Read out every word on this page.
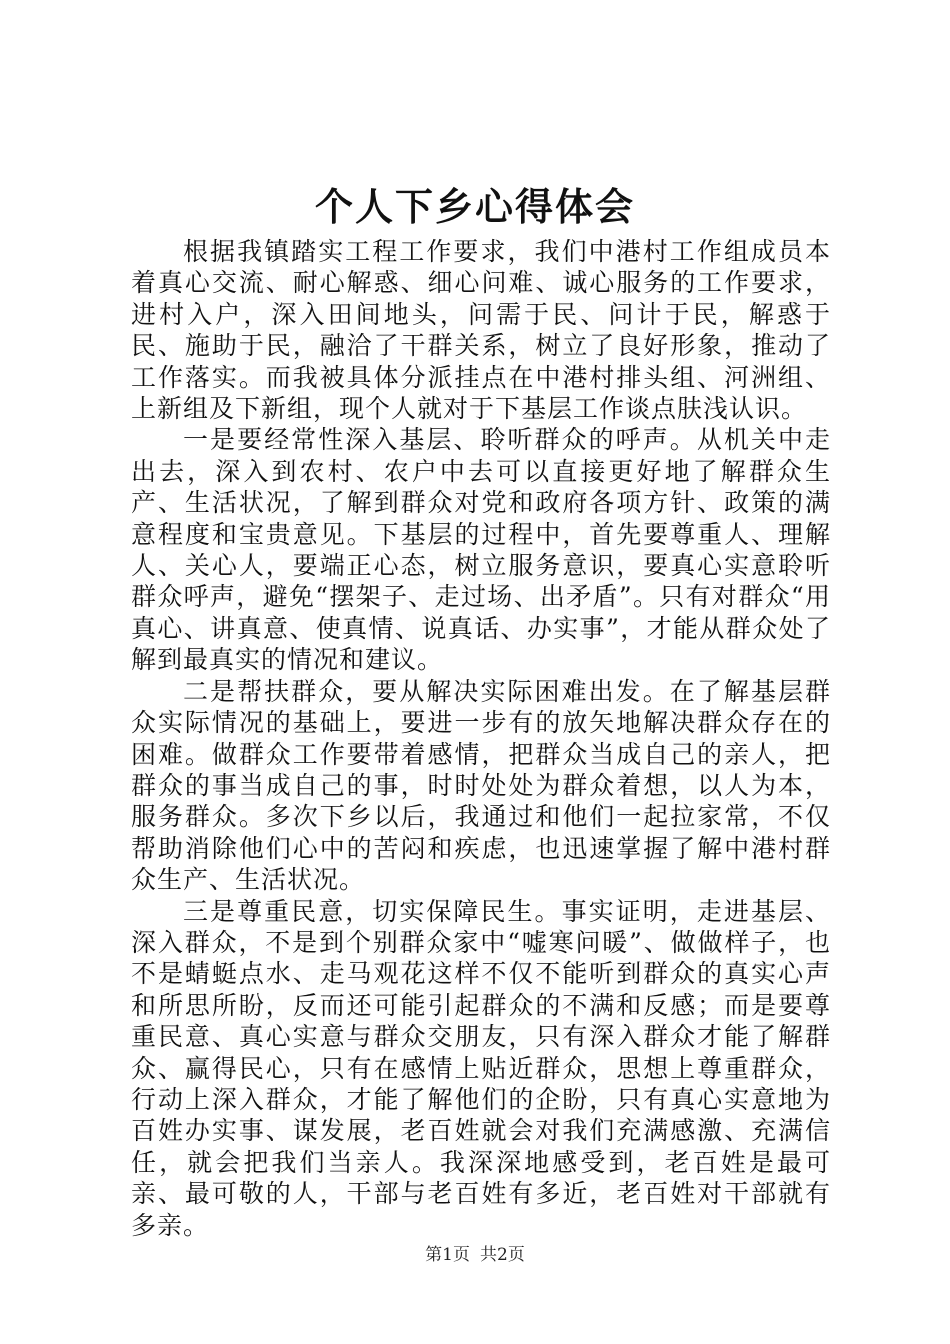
个人下乡心得体会

根据我镇踏实工程工作要求，我们中港村工作组成员本着真心交流、耐心解惑、细心问难、诚心服务的工作要求，进村入户，深入田间地头，问需于民、问计于民，解惑于民、施助于民，融洽了干群关系，树立了良好形象，推动了工作落实。而我被具体分派挂点在中港村排头组、河洲组、上新组及下新组，现个人就对于下基层工作谈点肤浅认识。

一是要经常性深入基层、聆听群众的呼声。从机关中走出去，深入到农村、农户中去可以直接更好地了解群众生产、生活状况，了解到群众对党和政府各项方针、政策的满意程度和宝贵意见。下基层的过程中，首先要尊重人、理解人、关心人，要端正心态，树立服务意识，要真心实意聆听群众呼声，避免“摆架子、走过场、出矛盾”。只有对群众“用真心、讲真意、使真情、说真话、办实事”，才能从群众处了解到最真实的情况和建议。

二是帮扶群众，要从解决实际困难出发。在了解基层群众实际情况的基础上，要进一步有的放矢地解决群众存在的困难。做群众工作要带着感情，把群众当成自己的亲人，把群众的事当成自己的事，时时处处为群众着想，以人为本，服务群众。多次下乡以后，我通过和他们一起拉家常，不仅帮助消除他们心中的苦闷和疾虑，也迅速掌握了解中港村群众生产、生活状况。

三是尊重民意，切实保障民生。事实证明，走进基层、深入群众，不是到个别群众家中“嘘寒问暖”、做做样子，也不是蜻蜓点水、走马观花这样不仅不能听到群众的真实心声和所思所盼，反而还可能引起群众的不满和反感；而是要尊重民意、真心实意与群众交朋友，只有深入群众才能了解群众、赢得民心，只有在感情上贴近群众，思想上尊重群众，行动上深入群众，才能了解他们的企盼，只有真心实意地为百姓办实事、谋发展，老百姓就会对我们充满感激、充满信任，就会把我们当亲人。我深深地感受到，老百姓是最可亲、最可敬的人，干部与老百姓有多近，老百姓对干部就有多亲。

第1页 共2页
